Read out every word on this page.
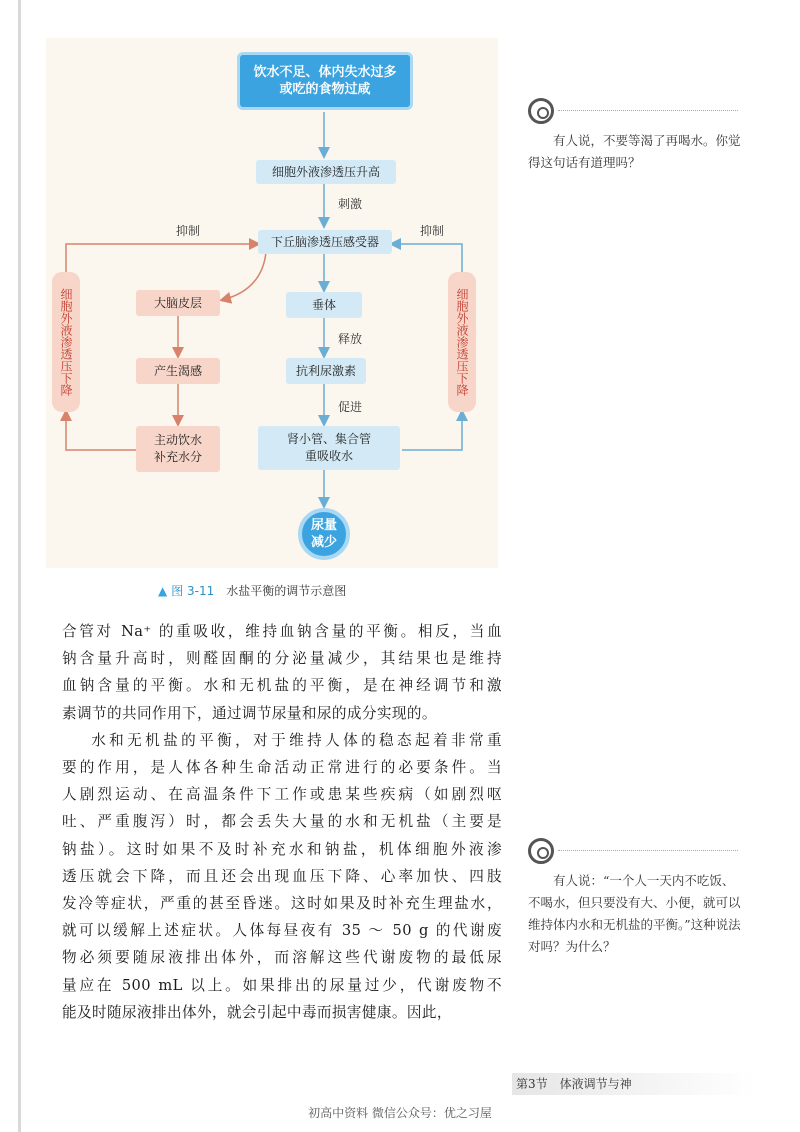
饮水不足、体内失水过多
或吃的食物过咸
细胞外液渗透压升高
刺激
抑制	抑制
下丘脑渗透压感受器
大脑皮层	垂体
释放
产生渴感	抗利尿激素
促进
主动饮水
补充水分
肾小管、集合管
重吸收水
细胞外液渗透压下降	细胞外液渗透压下降
尿量
减少
▲ 图 3-11 水盐平衡的调节示意图

合管对 Na⁺ 的重吸收，维持血钠含量的平衡。相反，当血

钠含量升高时，则醛固酮的分泌量减少，其结果也是维持

血钠含量的平衡。水和无机盐的平衡，是在神经调节和激

素调节的共同作用下，通过调节尿量和尿的成分实现的。

水和无机盐的平衡，对于维持人体的稳态起着非常重

要的作用，是人体各种生命活动正常进行的必要条件。当

人剧烈运动、在高温条件下工作或患某些疾病（如剧烈呕

吐、严重腹泻）时，都会丢失大量的水和无机盐（主要是

钠盐）。这时如果不及时补充水和钠盐，机体细胞外液渗

透压就会下降，而且还会出现血压下降、心率加快、四肢

发冷等症状，严重的甚至昏迷。这时如果及时补充生理盐水，

就可以缓解上述症状。人体每昼夜有 35 ～ 50 g 的代谢废

物必须要随尿液排出体外，而溶解这些代谢废物的最低尿

量应在 500 mL 以上。如果排出的尿量过少，代谢废物不

能及时随尿液排出体外，就会引起中毒而损害健康。因此，

有人说，不要等渴了再喝水。你觉得这句话有道理吗？

有人说：“一个人一天内不吃饭、不喝水，但只要没有大、小便，就可以维持体内水和无机盐的平衡。”这种说法对吗？为什么？

第3节　体液调节与神
初高中资料 微信公众号：优之习屋
